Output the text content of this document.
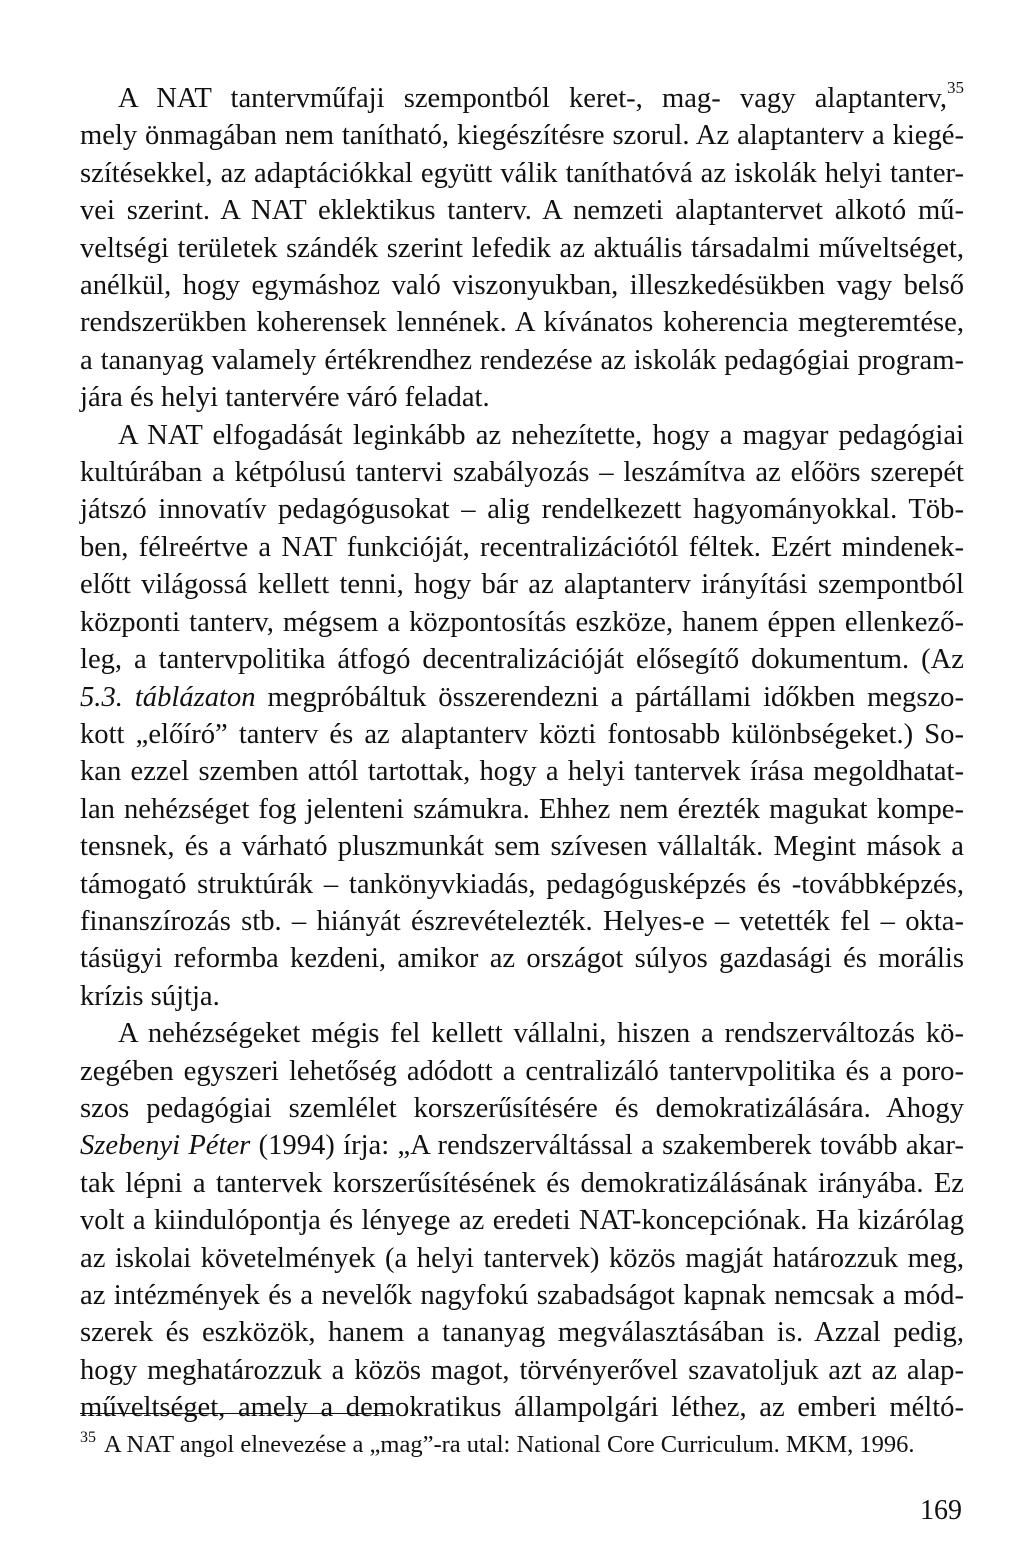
A NAT tantervműfaji szempontból keret-, mag- vagy alaptanterv,$^{35}$
mely önmagában nem tanítható, kiegészítésre szorul. Az alaptanterv a kiegé-
szítésekkel, az adaptációkkal együtt válik taníthatóvá az iskolák helyi tanter-
vei szerint. A NAT eklektikus tanterv. A nemzeti alaptantervet alkotó mű-
veltségi területek szándék szerint lefedik az aktuális társadalmi műveltséget,
anélkül, hogy egymáshoz való viszonyukban, illeszkedésükben vagy belső
rendszerükben koherensek lennének. A kívánatos koherencia megteremtése,
a tananyag valamely értékrendhez rendezése az iskolák pedagógiai program-
jára és helyi tantervére váró feladat.

A NAT elfogadását leginkább az nehezítette, hogy a magyar pedagógiai
kultúrában a kétpólusú tantervi szabályozás – leszámítva az előörs szerepét
játszó innovatív pedagógusokat – alig rendelkezett hagyományokkal. Töb-
ben, félreértve a NAT funkcióját, recentralizációtól féltek. Ezért mindenek-
előtt világossá kellett tenni, hogy bár az alaptanterv irányítási szempontból
központi tanterv, mégsem a központosítás eszköze, hanem éppen ellenkező-
leg, a tantervpolitika átfogó decentralizációját elősegítő dokumentum. (Az
5.3. táblázaton megpróbáltuk összerendezni a pártállami időkben megszo-
kott „előíró” tanterv és az alaptanterv közti fontosabb különbségeket.) So-
kan ezzel szemben attól tartottak, hogy a helyi tantervek írása megoldhatat-
lan nehézséget fog jelenteni számukra. Ehhez nem érezték magukat kompe-
tensnek, és a várható pluszmunkát sem szívesen vállalták. Megint mások a
támogató struktúrák – tankönyvkiadás, pedagógusképzés és -továbbképzés,
finanszírozás stb. – hiányát észrevételezték. Helyes-e – vetették fel – okta-
tásügyi reformba kezdeni, amikor az országot súlyos gazdasági és morális
krízis sújtja.

A nehézségeket mégis fel kellett vállalni, hiszen a rendszerváltozás kö-
zegében egyszeri lehetőség adódott a centralizáló tantervpolitika és a poro-
szos pedagógiai szemlélet korszerűsítésére és demokratizálására. Ahogy
Szebenyi Péter (1994) írja: „A rendszerváltással a szakemberek tovább akar-
tak lépni a tantervek korszerűsítésének és demokratizálásának irányába. Ez
volt a kiindulópontja és lényege az eredeti NAT-koncepciónak. Ha kizárólag
az iskolai követelmények (a helyi tantervek) közös magját határozzuk meg,
az intézmények és a nevelők nagyfokú szabadságot kapnak nemcsak a mód-
szerek és eszközök, hanem a tananyag megválasztásában is. Azzal pedig,
hogy meghatározzuk a közös magot, törvényerővel szavatoljuk azt az alap-
műveltséget, amely a demokratikus állampolgári léthez, az emberi méltó-

$^{35}$ A NAT angol elnevezése a „mag”-ra utal: National Core Curriculum. MKM, 1996.
169
